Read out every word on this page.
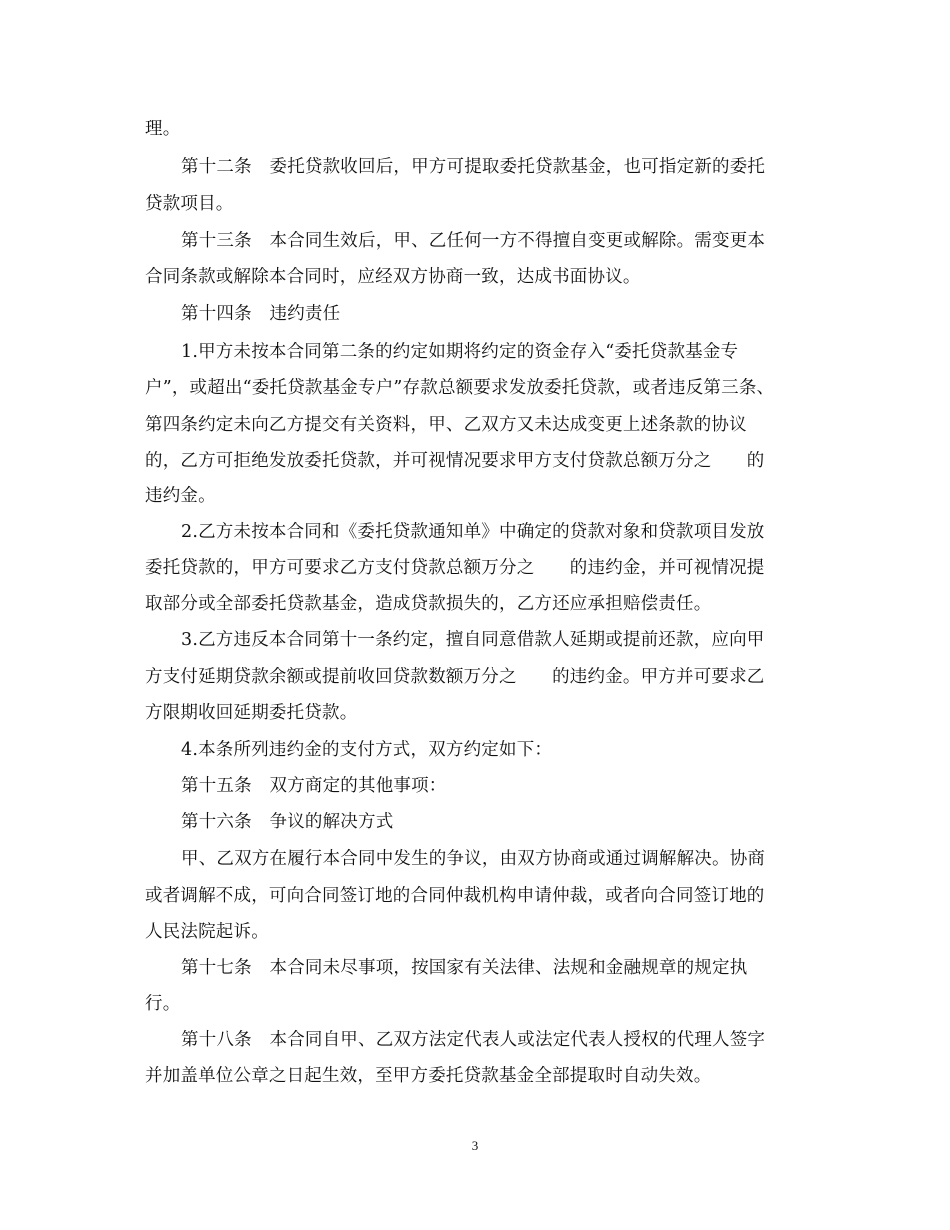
理。
第十二条　委托贷款收回后，甲方可提取委托贷款基金，也可指定新的委托
贷款项目。
第十三条　本合同生效后，甲、乙任何一方不得擅自变更或解除。需变更本
合同条款或解除本合同时，应经双方协商一致，达成书面协议。
第十四条　违约责任
1.甲方未按本合同第二条的约定如期将约定的资金存入“委托贷款基金专
户”，或超出“委托贷款基金专户”存款总额要求发放委托贷款，或者违反第三条、
第四条约定未向乙方提交有关资料，甲、乙双方又未达成变更上述条款的协议
的，乙方可拒绝发放委托贷款，并可视情况要求甲方支付贷款总额万分之　　的
违约金。
2.乙方未按本合同和《委托贷款通知单》中确定的贷款对象和贷款项目发放
委托贷款的，甲方可要求乙方支付贷款总额万分之　　的违约金，并可视情况提
取部分或全部委托贷款基金，造成贷款损失的，乙方还应承担赔偿责任。
3.乙方违反本合同第十一条约定，擅自同意借款人延期或提前还款，应向甲
方支付延期贷款余额或提前收回贷款数额万分之　　的违约金。甲方并可要求乙
方限期收回延期委托贷款。
4.本条所列违约金的支付方式，双方约定如下：
第十五条　双方商定的其他事项：
第十六条　争议的解决方式
甲、乙双方在履行本合同中发生的争议，由双方协商或通过调解解决。协商
或者调解不成，可向合同签订地的合同仲裁机构申请仲裁，或者向合同签订地的
人民法院起诉。
第十七条　本合同未尽事项，按国家有关法律、法规和金融规章的规定执
行。
第十八条　本合同自甲、乙双方法定代表人或法定代表人授权的代理人签字
并加盖单位公章之日起生效，至甲方委托贷款基金全部提取时自动失效。
3
